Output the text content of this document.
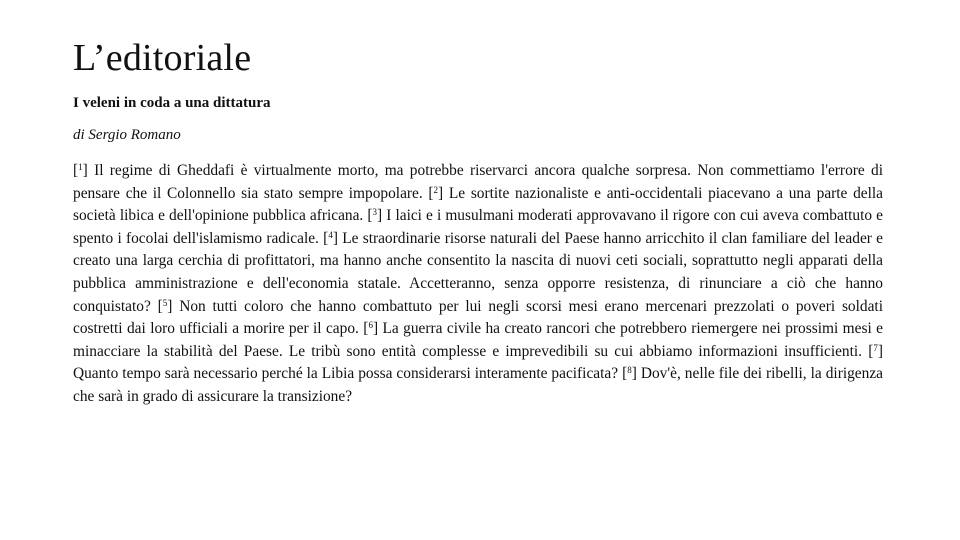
L’editoriale

I veleni in coda a una dittatura

di Sergio Romano

[$^1$] Il regime di Gheddafi è virtualmente morto, ma potrebbe riservarci ancora qualche sorpresa. Non commettiamo l'errore di pensare che il Colonnello sia stato sempre impopolare. [$^2$] Le sortite nazionaliste e anti-occidentali piacevano a una parte della società libica e dell'opinione pubblica africana. [$^3$] I laici e i musulmani moderati approvavano il rigore con cui aveva combattuto e spento i focolai dell'islamismo radicale. [$^4$] Le straordinarie risorse naturali del Paese hanno arricchito il clan familiare del leader e creato una larga cerchia di profittatori, ma hanno anche consentito la nascita di nuovi ceti sociali, soprattutto negli apparati della pubblica amministrazione e dell'economia statale. Accetteranno, senza opporre resistenza, di rinunciare a ciò che hanno conquistato? [$^5$] Non tutti coloro che hanno combattuto per lui negli scorsi mesi erano mercenari prezzolati o poveri soldati costretti dai loro ufficiali a morire per il capo. [$^6$] La guerra civile ha creato rancori che potrebbero riemergere nei prossimi mesi e minacciare la stabilità del Paese. Le tribù sono entità complesse e imprevedibili su cui abbiamo informazioni insufficienti. [$^7$] Quanto tempo sarà necessario perché la Libia possa considerarsi interamente pacificata? [$^8$] Dov'è, nelle file dei ribelli, la dirigenza che sarà in grado di assicurare la transizione?
